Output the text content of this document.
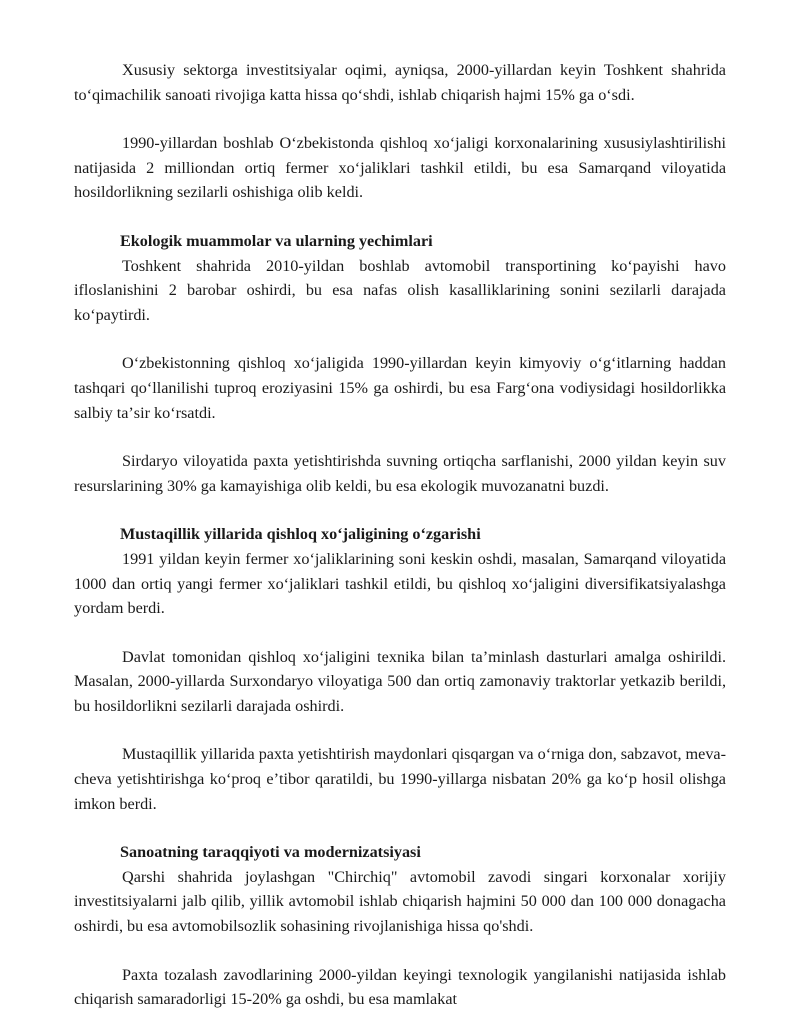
Xususiy sektorga investitsiyalar oqimi, ayniqsa, 2000-yillardan keyin Toshkent shahrida toʻqimachilik sanoati rivojiga katta hissa qoʻshdi, ishlab chiqarish hajmi 15% ga oʻsdi.

1990-yillardan boshlab Oʻzbekistonda qishloq xoʻjaligi korxonalarining xususiylashtirilishi natijasida 2 milliondan ortiq fermer xoʻjaliklari tashkil etildi, bu esa Samarqand viloyatida hosildorlikning sezilarli oshishiga olib keldi.

Ekologik muammolar va ularning yechimlari

Toshkent shahrida 2010-yildan boshlab avtomobil transportining koʻpayishi havo ifloslanishini 2 barobar oshirdi, bu esa nafas olish kasalliklarining sonini sezilarli darajada koʻpaytirdi.

Oʻzbekistonning qishloq xoʻjaligida 1990-yillardan keyin kimyoviy oʻgʻitlarning haddan tashqari qoʻllanilishi tuproq eroziyasini 15% ga oshirdi, bu esa Fargʻona vodiysidagi hosildorlikka salbiy taʼsir koʻrsatdi.

Sirdaryo viloyatida paxta yetishtirishda suvning ortiqcha sarflanishi, 2000 yildan keyin suv resurslarining 30% ga kamayishiga olib keldi, bu esa ekologik muvozanatni buzdi.

Mustaqillik yillarida qishloq xoʻjaligining oʻzgarishi

1991 yildan keyin fermer xoʻjaliklarining soni keskin oshdi, masalan, Samarqand viloyatida 1000 dan ortiq yangi fermer xoʻjaliklari tashkil etildi, bu qishloq xoʻjaligini diversifikatsiyalashga yordam berdi.

Davlat tomonidan qishloq xoʻjaligini texnika bilan taʼminlash dasturlari amalga oshirildi. Masalan, 2000-yillarda Surxondaryo viloyatiga 500 dan ortiq zamonaviy traktorlar yetkazib berildi, bu hosildorlikni sezilarli darajada oshirdi.

Mustaqillik yillarida paxta yetishtirish maydonlari qisqargan va oʻrniga don, sabzavot, meva-cheva yetishtirishga koʻproq eʼtibor qaratildi, bu 1990-yillarga nisbatan 20% ga koʻp hosil olishga imkon berdi.

Sanoatning taraqqiyoti va modernizatsiyasi

Qarshi shahrida joylashgan "Chirchiq" avtomobil zavodi singari korxonalar xorijiy investitsiyalarni jalb qilib, yillik avtomobil ishlab chiqarish hajmini 50 000 dan 100 000 donagacha oshirdi, bu esa avtomobilsozlik sohasining rivojlanishiga hissa qo'shdi.

Paxta tozalash zavodlarining 2000-yildan keyingi texnologik yangilanishi natijasida ishlab chiqarish samaradorligi 15-20% ga oshdi, bu esa mamlakat
